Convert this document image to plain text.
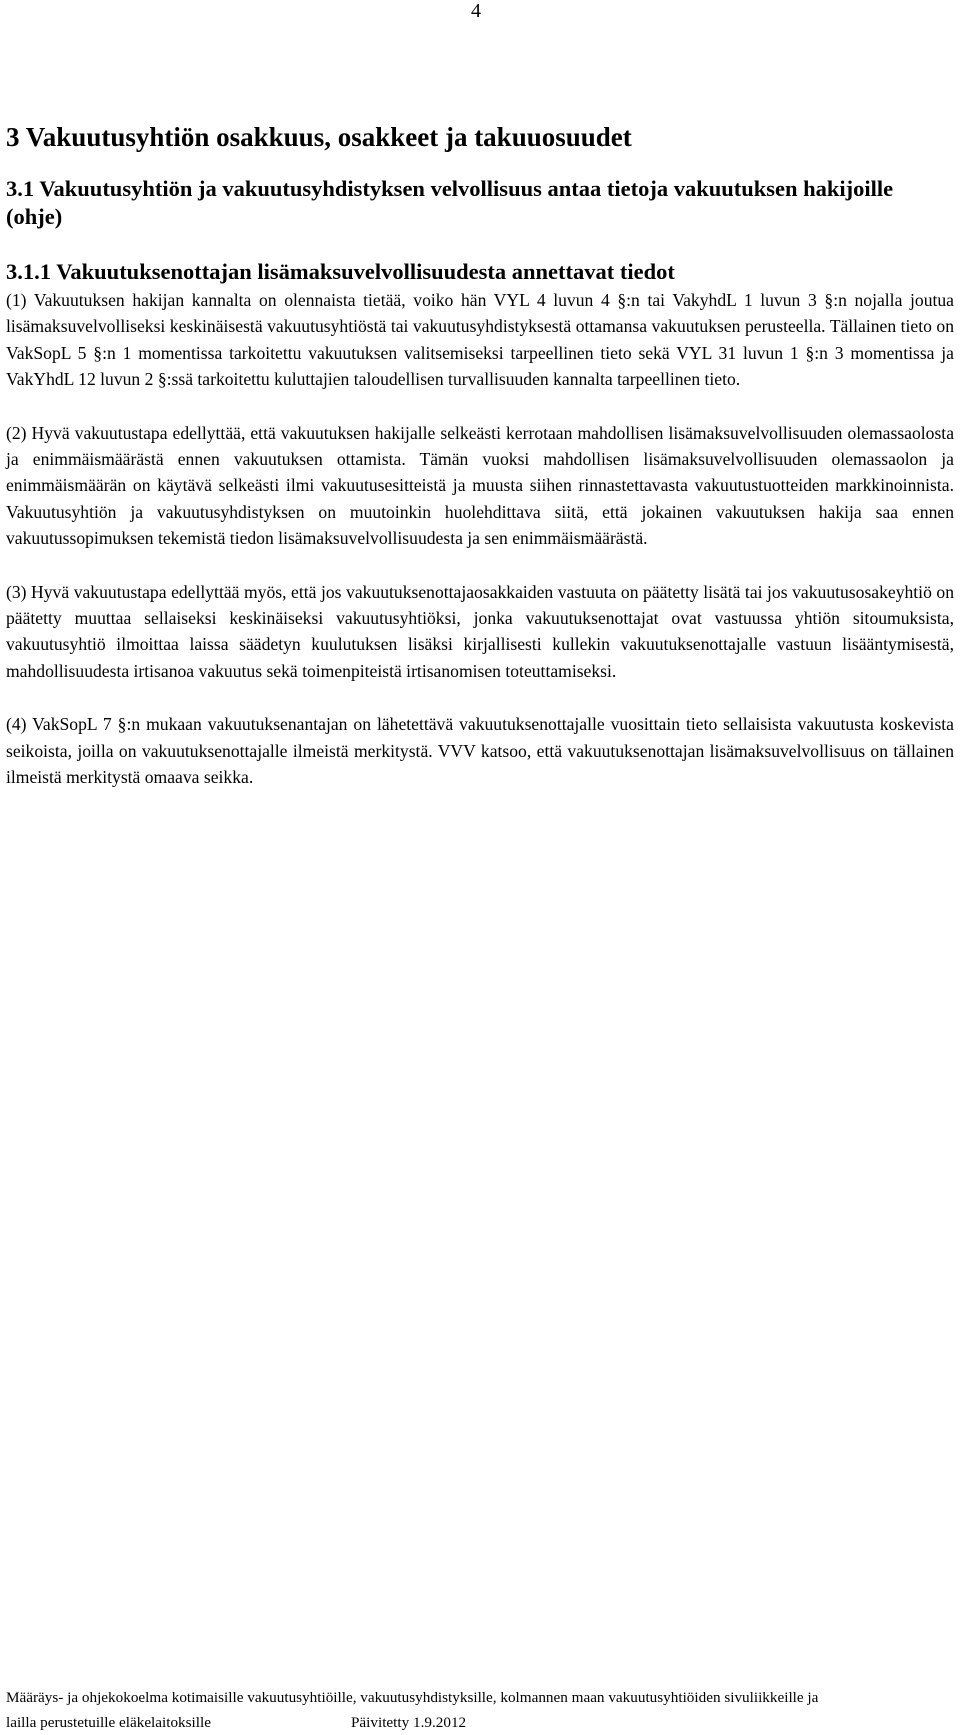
4
3 Vakuutusyhtiön osakkuus, osakkeet ja takuuosuudet
3.1 Vakuutusyhtiön ja vakuutusyhdistyksen velvollisuus antaa tietoja vakuutuksen hakijoille (ohje)
3.1.1 Vakuutuksenottajan lisämaksuvelvollisuudesta annettavat tiedot

(1) Vakuutuksen hakijan kannalta on olennaista tietää, voiko hän VYL 4 luvun 4 §:n tai VakyhdL 1 luvun 3 §:n nojalla joutua lisämaksuvelvolliseksi keskinäisestä vakuutusyhtiöstä tai vakuutusyhdistyksestä ottamansa vakuutuksen perusteella. Tällainen tieto on VakSopL 5 §:n 1 momentissa tarkoitettu vakuutuksen valitsemiseksi tarpeellinen tieto sekä VYL 31 luvun 1 §:n 3 momentissa ja VakYhdL 12 luvun 2 §:ssä tarkoitettu kuluttajien taloudellisen turvallisuuden kannalta tarpeellinen tieto.

(2) Hyvä vakuutustapa edellyttää, että vakuutuksen hakijalle selkeästi kerrotaan mahdollisen lisämaksuvelvollisuuden olemassaolosta ja enimmäismäärästä ennen vakuutuksen ottamista. Tämän vuoksi mahdollisen lisämaksuvelvollisuuden olemassaolon ja enimmäismäärän on käytävä selkeästi ilmi vakuutusesitteistä ja muusta siihen rinnastettavasta vakuutustuotteiden markkinoinnista. Vakuutusyhtiön ja vakuutusyhdistyksen on muutoinkin huolehdittava siitä, että jokainen vakuutuksen hakija saa ennen vakuutussopimuksen tekemistä tiedon lisämaksuvelvollisuudesta ja sen enimmäismäärästä.

(3) Hyvä vakuutustapa edellyttää myös, että jos vakuutuksenottajaosakkaiden vastuuta on päätetty lisätä tai jos vakuutusosakeyhtiö on päätetty muuttaa sellaiseksi keskinäiseksi vakuutusyhtiöksi, jonka vakuutuksenottajat ovat vastuussa yhtiön sitoumuksista, vakuutusyhtiö ilmoittaa laissa säädetyn kuulutuksen lisäksi kirjallisesti kullekin vakuutuksenottajalle vastuun lisääntymisestä, mahdollisuudesta irtisanoa vakuutus sekä toimenpiteistä irtisanomisen toteuttamiseksi.

(4) VakSopL 7 §:n mukaan vakuutuksenantajan on lähetettävä vakuutuksenottajalle vuosittain tieto sellaisista vakuutusta koskevista seikoista, joilla on vakuutuksenottajalle ilmeistä merkitystä. VVV katsoo, että vakuutuksenottajan lisämaksuvelvollisuus on tällainen ilmeistä merkitystä omaava seikka.

Määräys- ja ohjekokoelma kotimaisille vakuutusyhtiöille, vakuutusyhdistyksille, kolmannen maan vakuutusyhtiöiden sivuliikkeille ja
lailla perustetuille eläkelaitoksille	Päivitetty 1.9.2012
